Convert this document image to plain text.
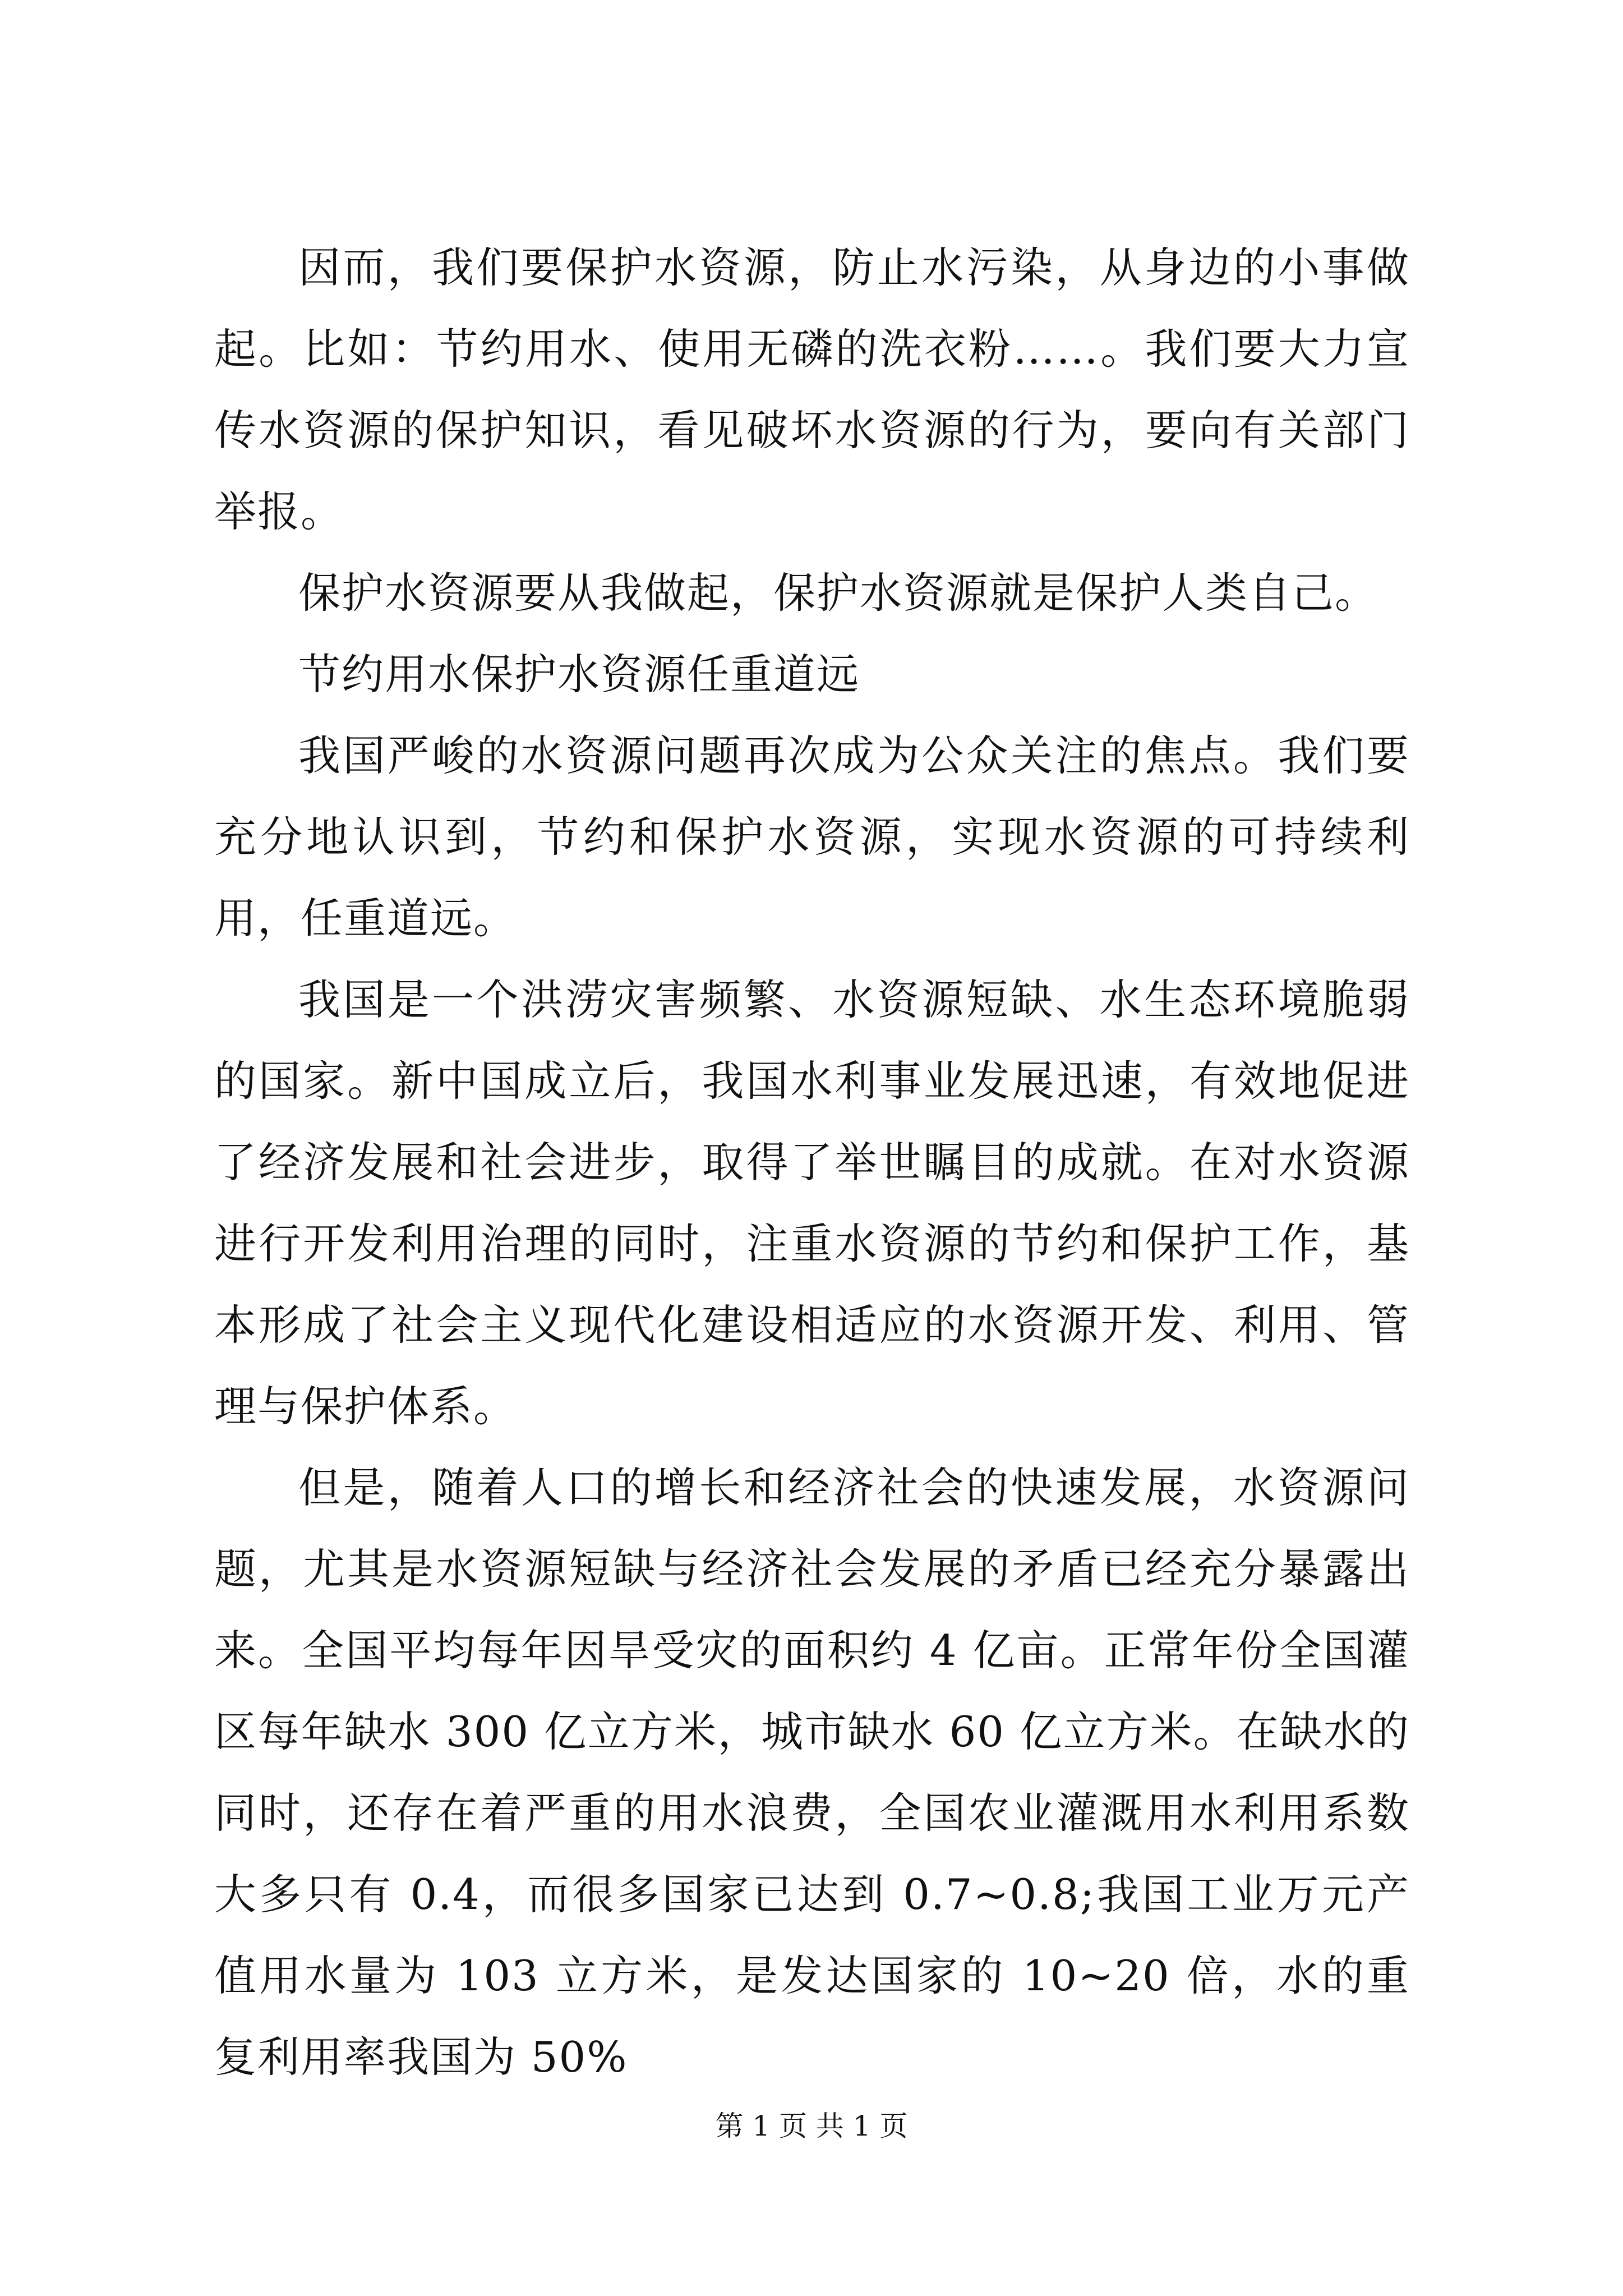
因而，我们要保护水资源，防止水污染，从身边的小事做起。比如：节约用水、使用无磷的洗衣粉……。我们要大力宣传水资源的保护知识，看见破坏水资源的行为，要向有关部门举报。

保护水资源要从我做起，保护水资源就是保护人类自己。

节约用水保护水资源任重道远

我国严峻的水资源问题再次成为公众关注的焦点。我们要充分地认识到，节约和保护水资源，实现水资源的可持续利用，任重道远。

我国是一个洪涝灾害频繁、水资源短缺、水生态环境脆弱的国家。新中国成立后，我国水利事业发展迅速，有效地促进了经济发展和社会进步，取得了举世瞩目的成就。在对水资源进行开发利用治理的同时，注重水资源的节约和保护工作，基本形成了社会主义现代化建设相适应的水资源开发、利用、管理与保护体系。

但是，随着人口的增长和经济社会的快速发展，水资源问题，尤其是水资源短缺与经济社会发展的矛盾已经充分暴露出来。全国平均每年因旱受灾的面积约 4 亿亩。正常年份全国灌区每年缺水 300 亿立方米，城市缺水 60 亿立方米。在缺水的同时，还存在着严重的用水浪费，全国农业灌溉用水利用系数大多只有 0.4，而很多国家已达到 0.7~0.8;我国工业万元产值用水量为 103 立方米，是发达国家的 10~20 倍，水的重复利用率我国为 50%

第 1 页 共 1 页
